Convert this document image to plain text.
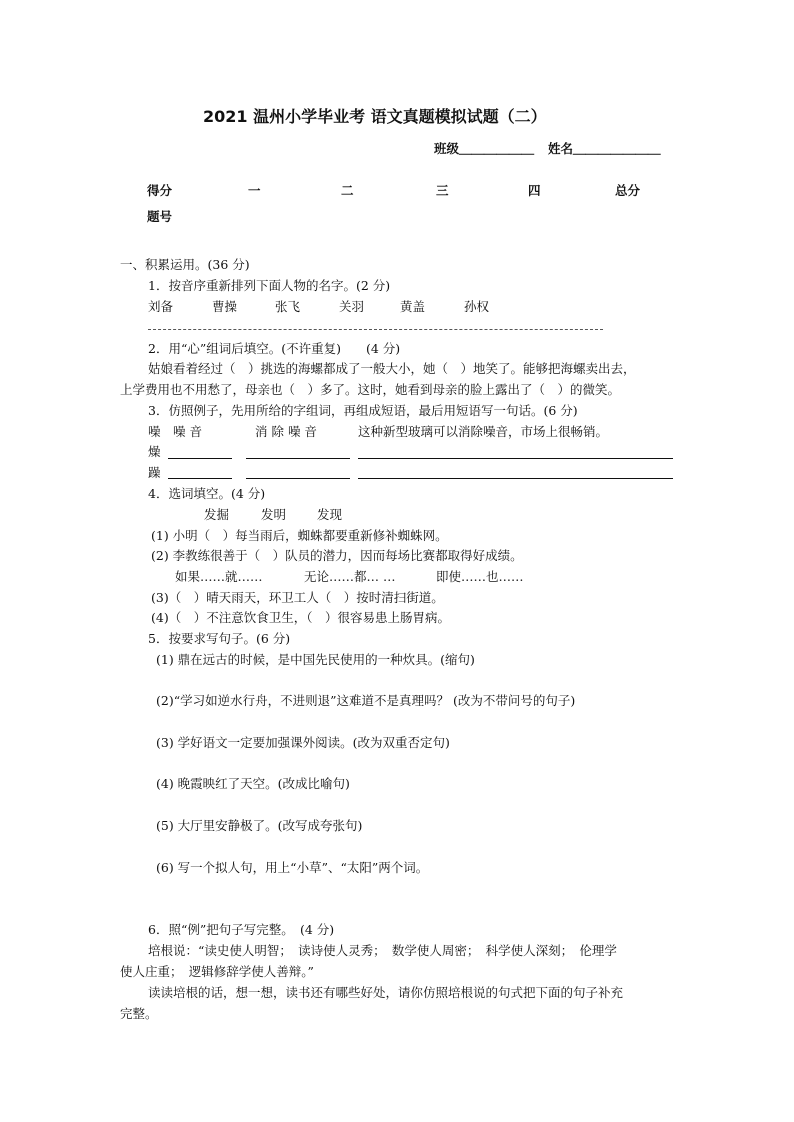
2021 温州小学毕业考 语文真题模拟试题（二）
班级＿＿＿＿＿＿ 姓名＿＿＿＿＿＿＿
得分	一	二	三	四	总分
题号
一、积累运用。(36 分)
1．按音序重新排列下面人物的名字。(2 分)
刘备	曹操	张飞	关羽	黄盖	孙权
2．用“心”组词后填空。(不许重复)　　(4 分)
姑娘看着经过（　）挑选的海螺都成了一般大小，她（　）地笑了。能够把海螺卖出去，
上学费用也不用愁了，母亲也（　）多了。这时，她看到母亲的脸上露出了（　）的微笑。
3．仿照例子，先用所给的字组词，再组成短语，最后用短语写一句话。(6 分)
噪　噪 音	消 除 噪 音	这种新型玻璃可以消除噪音，市场上很畅销。
燥
躁
4．选词填空。(4 分)
发掘	发明 发现
(1) 小明（　）每当雨后，蜘蛛都要重新修补蜘蛛网。
(2) 李教练很善于（　）队员的潜力，因而每场比赛都取得好成绩。
如果……就……	无论……都… …	即使……也……
(3)（　）晴天雨天，环卫工人（　）按时清扫街道。
(4)（　）不注意饮食卫生，（　）很容易患上肠胃病。
5．按要求写句子。(6 分)
(1) 鼎在远古的时候，是中国先民使用的一种炊具。(缩句)
(2)“学习如逆水行舟，不进则退”这难道不是真理吗？ (改为不带问号的句子)
(3) 学好语文一定要加强课外阅读。(改为双重否定句)
(4) 晚霞映红了天空。(改成比喻句)
(5) 大厅里安静极了。(改写成夸张句)
(6) 写一个拟人句，用上“小草”、“太阳”两个词。
6．照“例”把句子写完整。　(4 分)
培根说：“读史使人明智；　读诗使人灵秀；　数学使人周密；　科学使人深刻；　伦理学
使人庄重；　逻辑修辞学使人善辩。”
读读培根的话，想一想，读书还有哪些好处，请你仿照培根说的句式把下面的句子补充
完整。
